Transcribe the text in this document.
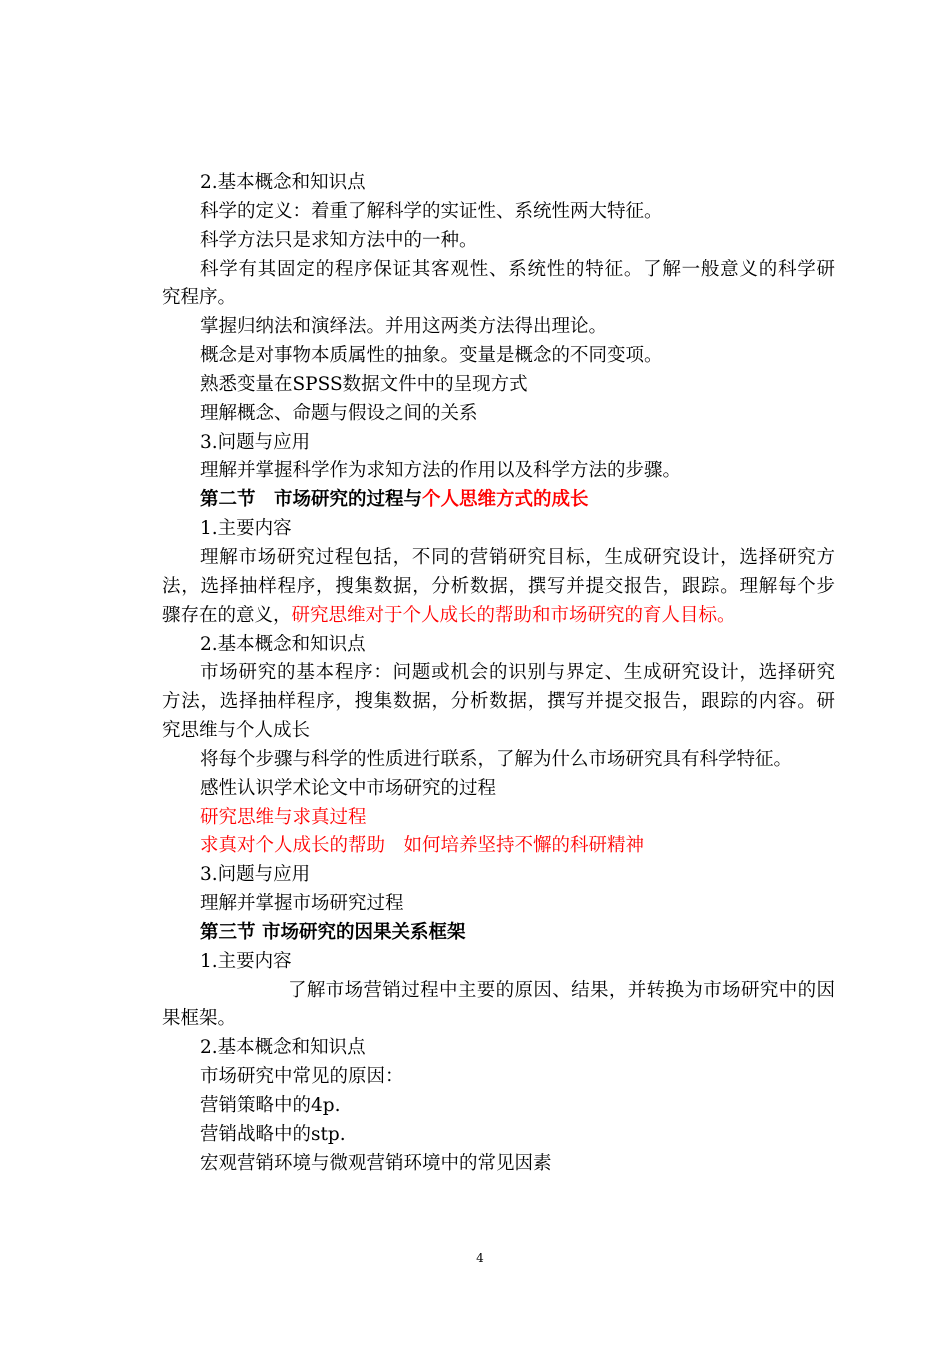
2.基本概念和知识点
科学的定义：着重了解科学的实证性、系统性两大特征。
科学方法只是求知方法中的一种。
科学有其固定的程序保证其客观性、系统性的特征。了解一般意义的科学研
究程序。
掌握归纳法和演绎法。并用这两类方法得出理论。
概念是对事物本质属性的抽象。变量是概念的不同变项。
熟悉变量在SPSS数据文件中的呈现方式
理解概念、命题与假设之间的关系
3.问题与应用
理解并掌握科学作为求知方法的作用以及科学方法的步骤。
第二节　市场研究的过程与个人思维方式的成长
1.主要内容
理解市场研究过程包括，不同的营销研究目标，生成研究设计，选择研究方
法，选择抽样程序，搜集数据，分析数据，撰写并提交报告，跟踪。理解每个步
骤存在的意义，研究思维对于个人成长的帮助和市场研究的育人目标。
2.基本概念和知识点
市场研究的基本程序：问题或机会的识别与界定、生成研究设计，选择研究
方法，选择抽样程序，搜集数据，分析数据，撰写并提交报告，跟踪的内容。研
究思维与个人成长
将每个步骤与科学的性质进行联系，了解为什么市场研究具有科学特征。
感性认识学术论文中市场研究的过程
研究思维与求真过程
求真对个人成长的帮助　如何培养坚持不懈的科研精神
3.问题与应用
理解并掌握市场研究过程
第三节 市场研究的因果关系框架
1.主要内容
了解市场营销过程中主要的原因、结果，并转换为市场研究中的因
果框架。
2.基本概念和知识点
市场研究中常见的原因：
营销策略中的4p.
营销战略中的stp.
宏观营销环境与微观营销环境中的常见因素
4
